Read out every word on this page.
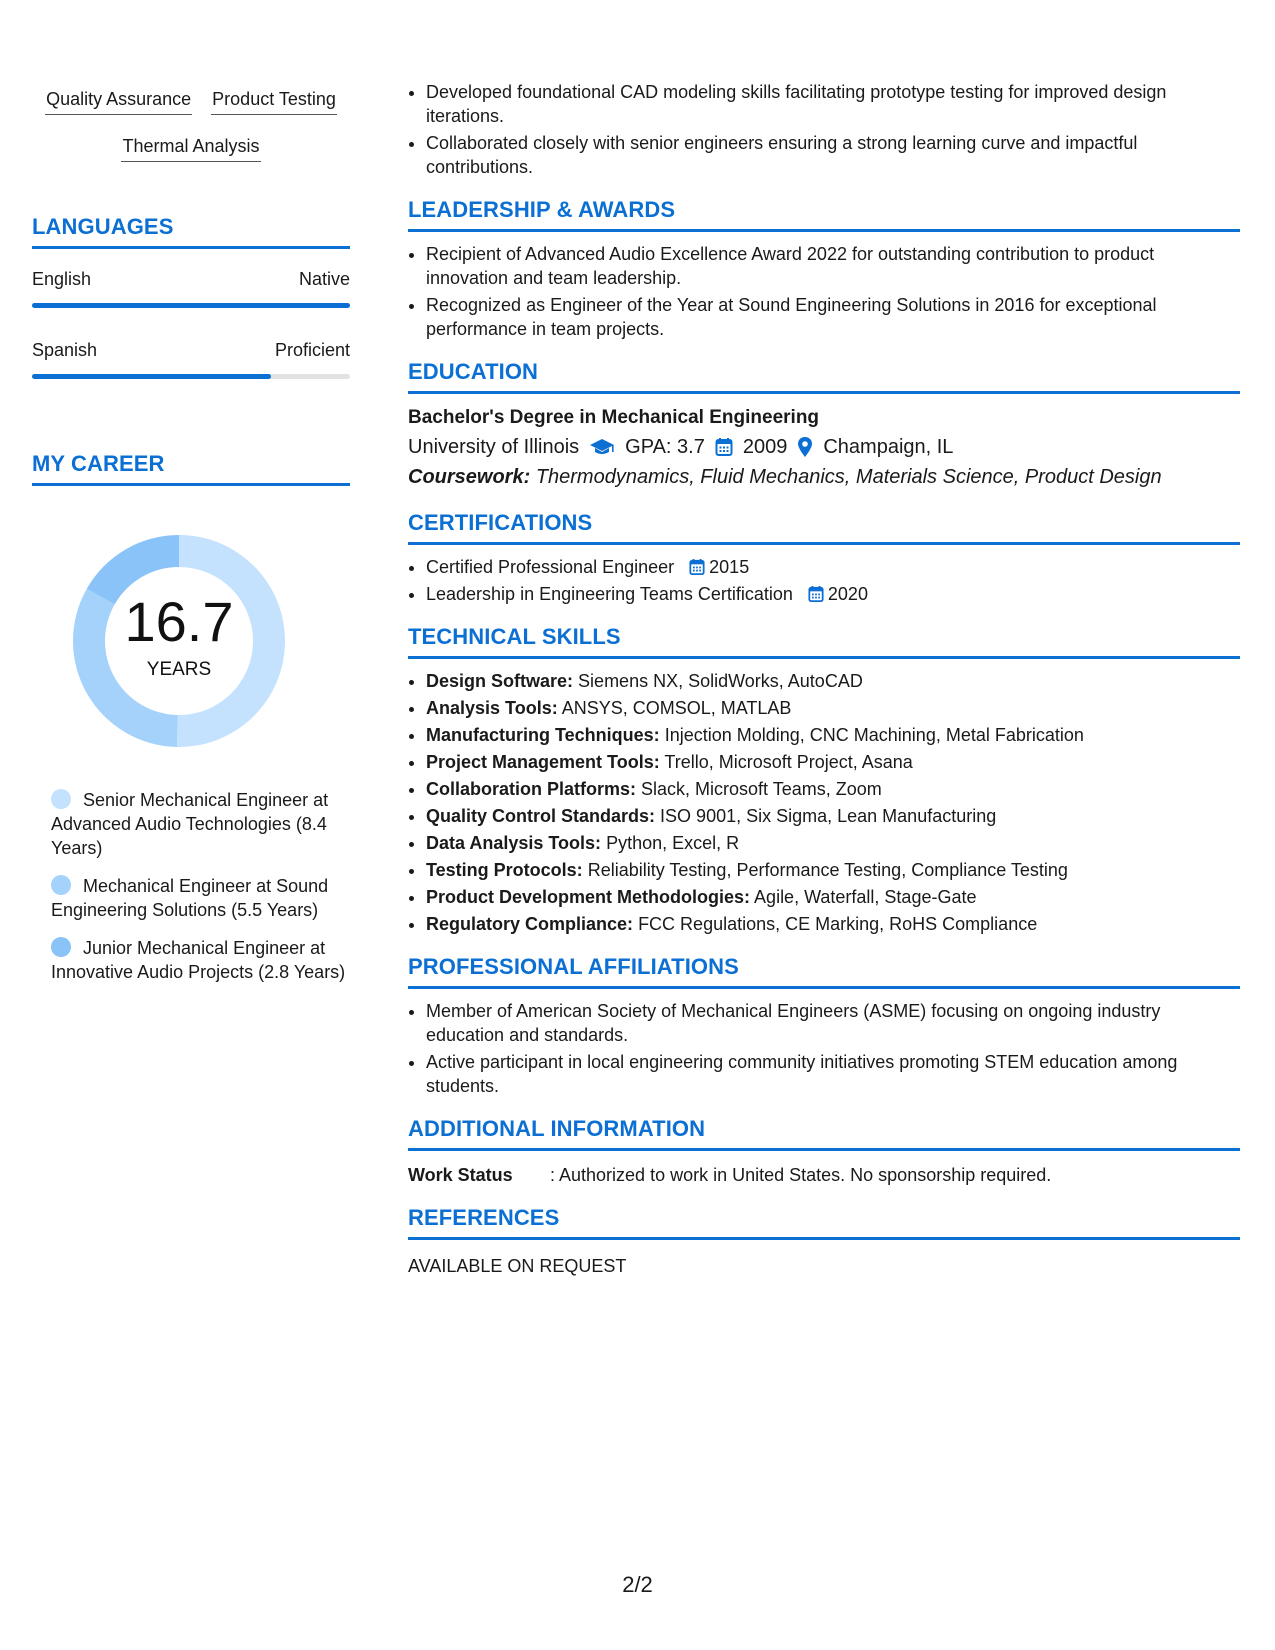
Quality Assurance Product Testing
Thermal Analysis
LANGUAGES
English	Native
Spanish	Proficient
MY CAREER
16.7
YEARS
Senior Mechanical Engineer at Advanced Audio Technologies (8.4 Years)
Mechanical Engineer at Sound Engineering Solutions (5.5 Years)
Junior Mechanical Engineer at Innovative Audio Projects (2.8 Years)
• Developed foundational CAD modeling skills facilitating prototype testing for improved design iterations.
• Collaborated closely with senior engineers ensuring a strong learning curve and impactful contributions.
LEADERSHIP & AWARDS
• Recipient of Advanced Audio Excellence Award 2022 for outstanding contribution to product innovation and team leadership.
• Recognized as Engineer of the Year at Sound Engineering Solutions in 2016 for exceptional performance in team projects.
EDUCATION
Bachelor's Degree in Mechanical Engineering
University of Illinois GPA: 3.7 2009 Champaign, IL
Coursework: Thermodynamics, Fluid Mechanics, Materials Science, Product Design
CERTIFICATIONS
• Certified Professional Engineer 2015
• Leadership in Engineering Teams Certification 2020
TECHNICAL SKILLS
• Design Software: Siemens NX, SolidWorks, AutoCAD
• Analysis Tools: ANSYS, COMSOL, MATLAB
• Manufacturing Techniques: Injection Molding, CNC Machining, Metal Fabrication
• Project Management Tools: Trello, Microsoft Project, Asana
• Collaboration Platforms: Slack, Microsoft Teams, Zoom
• Quality Control Standards: ISO 9001, Six Sigma, Lean Manufacturing
• Data Analysis Tools: Python, Excel, R
• Testing Protocols: Reliability Testing, Performance Testing, Compliance Testing
• Product Development Methodologies: Agile, Waterfall, Stage-Gate
• Regulatory Compliance: FCC Regulations, CE Marking, RoHS Compliance
PROFESSIONAL AFFILIATIONS
• Member of American Society of Mechanical Engineers (ASME) focusing on ongoing industry education and standards.
• Active participant in local engineering community initiatives promoting STEM education among students.
ADDITIONAL INFORMATION
Work Status	: Authorized to work in United States. No sponsorship required.
REFERENCES
AVAILABLE ON REQUEST
2/2
